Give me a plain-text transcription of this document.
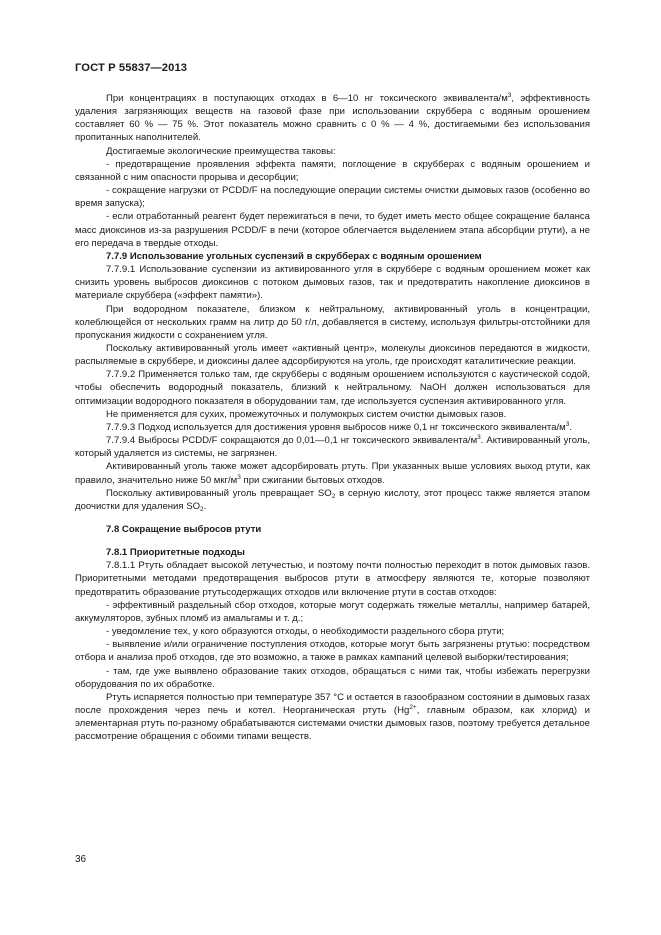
ГОСТ Р 55837—2013

При концентрациях в поступающих отходах в 6—10 нг токсического эквивалента/$м^3$, эффективность удаления загрязняющих веществ на газовой фазе при использовании скруббера с водяным орошением составляет 60 % — 75 %. Этот показатель можно сравнить с 0 % — 4 %, достигаемыми без использования пропитанных наполнителей.

Достигаемые экологические преимущества таковы:

- предотвращение проявления эффекта памяти, поглощение в скрубберах с водяным орошением и связанной с ним опасности прорыва и десорбции;

- сокращение нагрузки от PCDD/F на последующие операции системы очистки дымовых газов (особенно во время запуска);

- если отработанный реагент будет пережигаться в печи, то будет иметь место общее сокращение баланса масс диоксинов из-за разрушения PCDD/F в печи (которое облегчается выделением этапа абсорбции ртути), а не его передача в твердые отходы.

7.7.9 Использование угольных суспензий в скрубберах с водяным орошением

7.7.9.1 Использование суспензии из активированного угля в скруббере с водяным орошением может как снизить уровень выбросов диоксинов с потоком дымовых газов, так и предотвратить накопление диоксинов в материале скруббера («эффект памяти»).

При водородном показателе, близком к нейтральному, активированный уголь в концентрации, колеблющейся от нескольких грамм на литр до 50 г/л, добавляется в систему, используя фильтры-отстойники для пропускания жидкости с сохранением угля.

Поскольку активированный уголь имеет «активный центр», молекулы диоксинов передаются в жидкости, распыляемые в скруббере, и диоксины далее адсорбируются на уголь, где происходят каталитические реакции.

7.7.9.2 Применяется только там, где скрубберы с водяным орошением используются с каустической содой, чтобы обеспечить водородный показатель, близкий к нейтральному. NaOH должен использоваться для оптимизации водородного показателя в оборудовании там, где используется суспензия активированного угля.

Не применяется для сухих, промежуточных и полумокрых систем очистки дымовых газов.

7.7.9.3 Подход используется для достижения уровня выбросов ниже 0,1 нг токсического эквивалента/$м^3$.

7.7.9.4 Выбросы PCDD/F сокращаются до 0,01—0,1 нг токсического эквивалента/$м^3$. Активированный уголь, который удаляется из системы, не загрязнен.

Активированный уголь также может адсорбировать ртуть. При указанных выше условиях выход ртути, как правило, значительно ниже 50 мкг/$м^3$ при сжигании бытовых отходов.

Поскольку активированный уголь превращает $SO_2$ в серную кислоту, этот процесс также является этапом доочистки для удаления $SO_2$.

7.8 Сокращение выбросов ртути

7.8.1 Приоритетные подходы

7.8.1.1 Ртуть обладает высокой летучестью, и поэтому почти полностью переходит в поток дымовых газов. Приоритетными методами предотвращения выбросов ртути в атмосферу являются те, которые позволяют предотвратить образование ртутьсодержащих отходов или включение ртути в состав отходов:

- эффективный раздельный сбор отходов, которые могут содержать тяжелые металлы, например батарей, аккумуляторов, зубных пломб из амальгамы и т. д.;

- уведомление тех, у кого образуются отходы, о необходимости раздельного сбора ртути;

- выявление и/или ограничение поступления отходов, которые могут быть загрязнены ртутью: посредством отбора и анализа проб отходов, где это возможно, а также в рамках кампаний целевой выборки/тестирования;

- там, где уже выявлено образование таких отходов, обращаться с ними так, чтобы избежать перегрузки оборудования по их обработке.

Ртуть испаряется полностью при температуре 357 °С и остается в газообразном состоянии в дымовых газах после прохождения через печь и котел. Неорганическая ртуть ($Hg^{2+}$, главным образом, как хлорид) и элементарная ртуть по-разному обрабатываются системами очистки дымовых газов, поэтому требуется детальное рассмотрение обращения с обоими типами веществ.

36
